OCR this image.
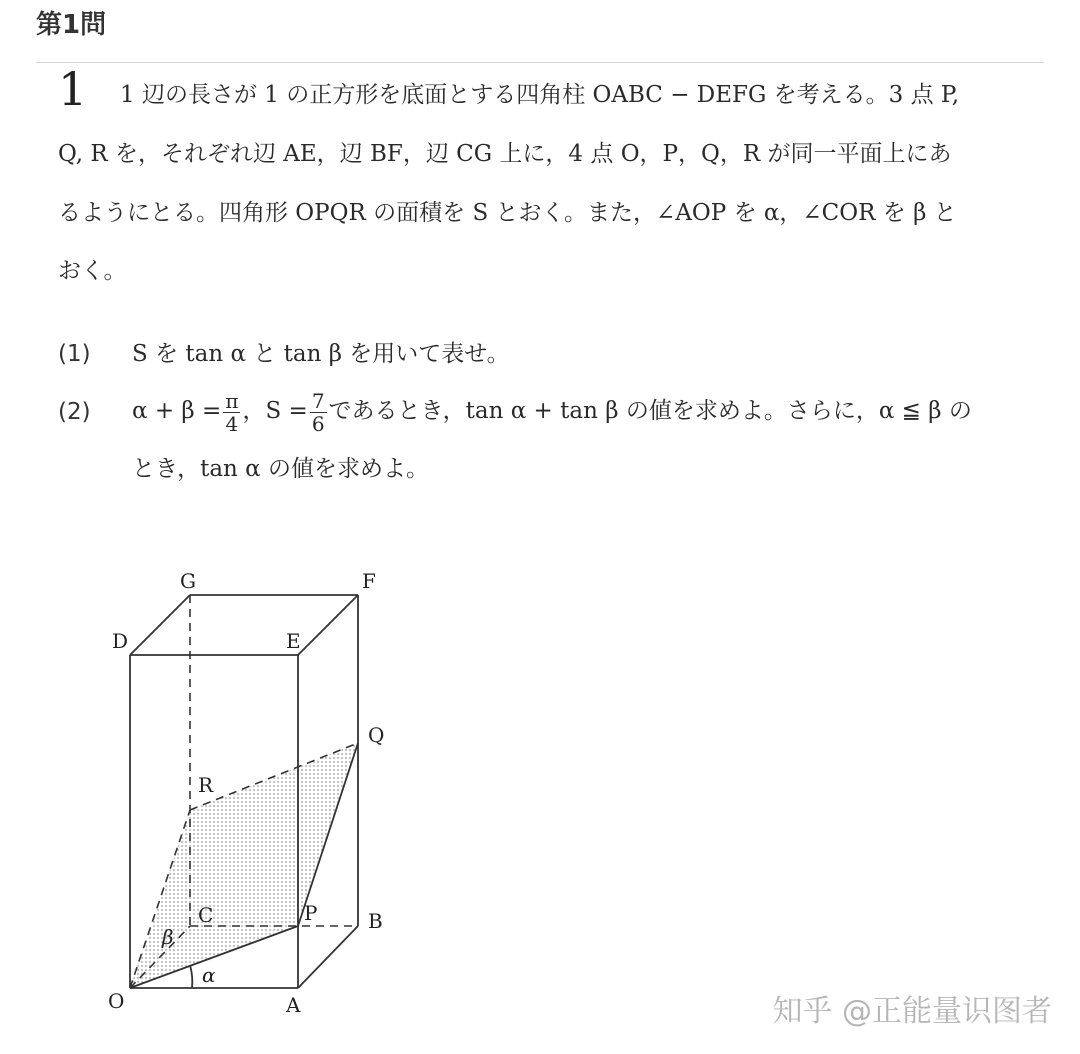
第1問
1 1 辺の長さが 1 の正方形を底面とする四角柱 OABC − DEFG を考える。3 点 P,
Q, R を，それぞれ辺 AE，辺 BF，辺 CG 上に，4 点 O，P，Q，R が同一平面上にあ
るようにとる。四角形 OPQR の面積を S とおく。また，∠AOP を α，∠COR を β と
おく。
(1) S を tan α と tan β を用いて表せ。
(2) $\alpha + \beta = \frac{\pi}{4}$ ，$S = \frac{7}{6}$ であるとき，tan α + tan β の値を求めよ。さらに，α ≦ β の
とき，tan α の値を求めよ。
G	F
D	E
Q
R
C	P	B
O	A
α
β
知乎 @正能量识图者
